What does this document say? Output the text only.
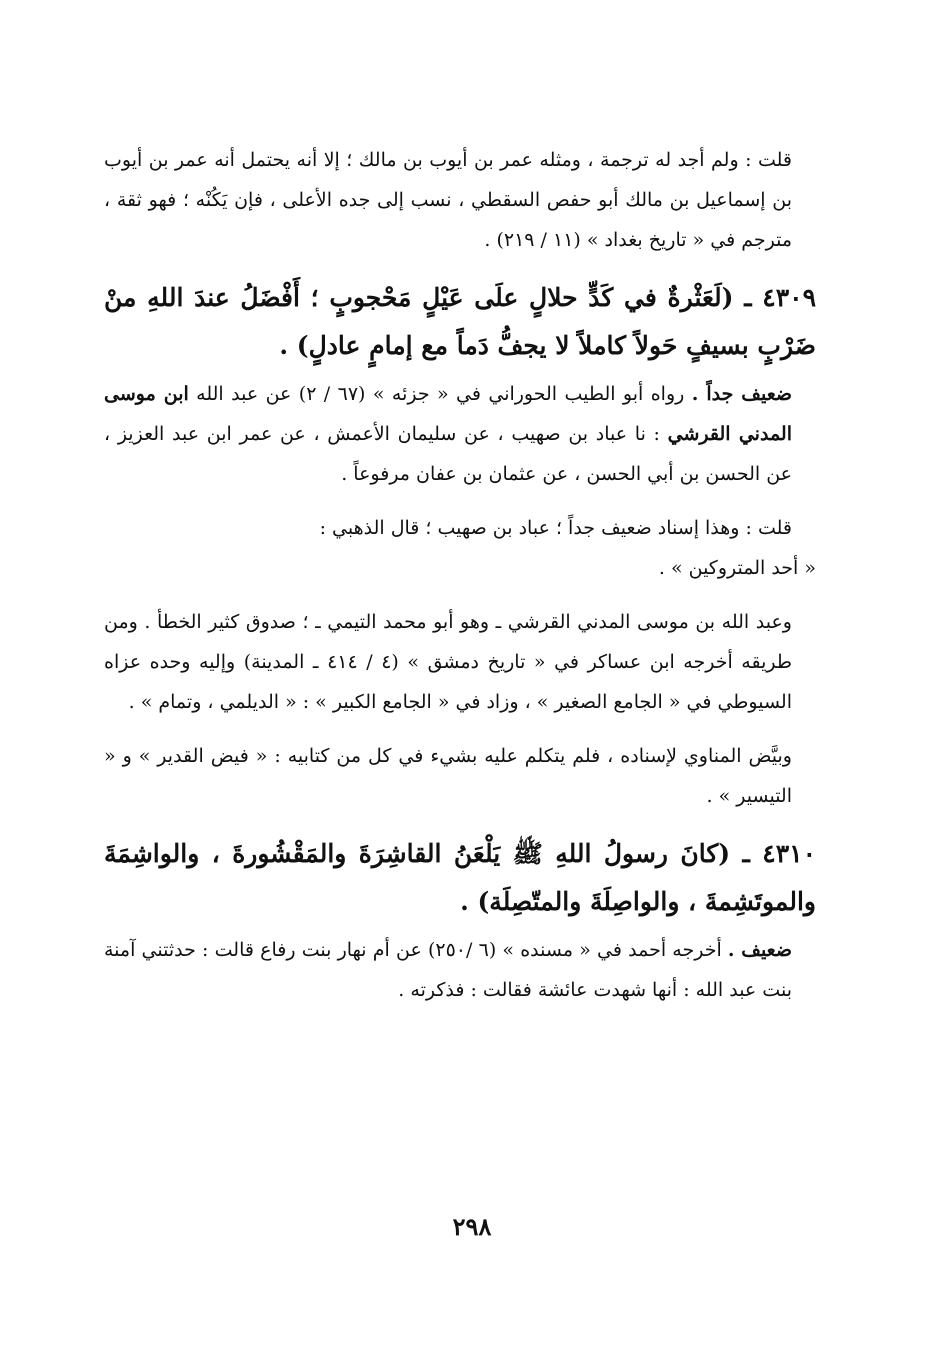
قلت : ولم أجد له ترجمة ، ومثله عمر بن أيوب بن مالك ؛ إلا أنه يحتمل أنه عمر بن أيوب بن إسماعيل بن مالك أبو حفص السقطي ، نسب إلى جده الأعلى ، فإن يَكُنْه ؛ فهو ثقة ، مترجم في « تاريخ بغداد » (١١ / ٢١٩) .

٤٣٠٩ ـ (لَعَثْرةٌ في كَدٍّ حلالٍ علَى عَيْلٍ مَحْجوبٍ ؛ أَفْضَلُ عندَ اللهِ منْ ضَرْبٍ بسيفٍ حَولاً كاملاً لا يجفُّ دَماً مع إمامٍ عادلٍ) .

ضعيف جداً . رواه أبو الطيب الحوراني في « جزئه » (٦٧ / ٢) عن عبد الله ابن موسى المدني القرشي : نا عباد بن صهيب ، عن سليمان الأعمش ، عن عمر ابن عبد العزيز ، عن الحسن بن أبي الحسن ، عن عثمان بن عفان مرفوعاً .

قلت : وهذا إسناد ضعيف جداً ؛ عباد بن صهيب ؛ قال الذهبي :

« أحد المتروكين » .

وعبد الله بن موسى المدني القرشي ـ وهو أبو محمد التيمي ـ ؛ صدوق كثير الخطأ . ومن طريقه أخرجه ابن عساكر في « تاريخ دمشق » (٤ / ٤١٤ ـ المدينة) وإليه وحده عزاه السيوطي في « الجامع الصغير » ، وزاد في « الجامع الكبير » : « الديلمي ، وتمام » .

وبيَّض المناوي لإسناده ، فلم يتكلم عليه بشيء في كل من كتابيه : « فيض القدير » و « التيسير » .

٤٣١٠ ـ (كانَ رسولُ اللهِ ﷺ يَلْعَنُ القاشِرَةَ والمَقْشُورةَ ، والواشِمَةَ والموتَشِمةَ ، والواصِلَةَ والمتّصِلَة) .

ضعيف . أخرجه أحمد في « مسنده » (٦ /٢٥٠) عن أم نهار بنت رفاع قالت : حدثتني آمنة بنت عبد الله : أنها شهدت عائشة فقالت : فذكرته .

٢٩٨
